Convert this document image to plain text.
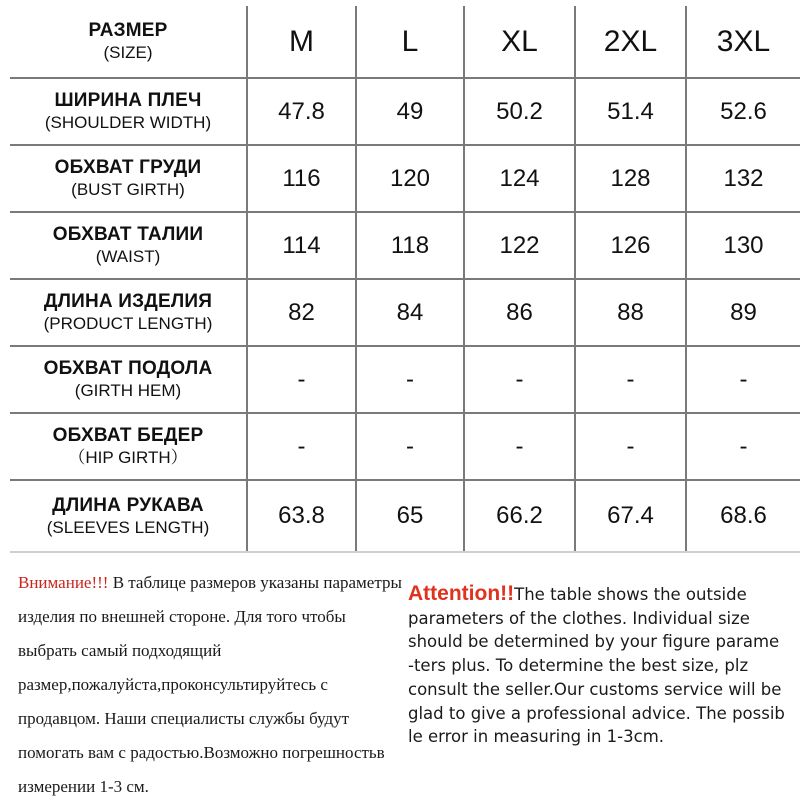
РАЗМЕР
(SIZE)	M	L	XL	2XL	3XL

ШИРИНА ПЛЕЧ
(SHOULDER WIDTH)	47.8	49	50.2	51.4	52.6

ОБХВАТ ГРУДИ
(BUST GIRTH)	116	120	124	128	132

ОБХВАТ ТАЛИИ
(WAIST)	114	118	122	126	130

ДЛИНА ИЗДЕЛИЯ
(PRODUCT LENGTH)	82	84	86	88	89

ОБХВАТ ПОДОЛА
(GIRTH HEM)	-	-	-	-	-

ОБХВАТ БЕДЕР
（HIP GIRTH）	-	-	-	-	-

ДЛИНА РУКАВА
(SLEEVES LENGTH)	63.8	65	66.2	67.4	68.6
Внимание!!! В таблице размеров указаны параметры изделия по внешней стороне. Для того чтобы выбрать самый подходящий размер,пожалуйста,проконсультируйтесь с продавцом. Наши специалисты службы будут помогать вам с радостью.Возможно погрешностьв измерении 1-3 см.
Attention!!The table shows the outside
parameters of the clothes. Individual size
should be determined by your figure parame
-ters plus. To determine the best size, plz
consult the seller.Our customs service will be
glad to give a professional advice. The possib
le error in measuring in 1-3cm.
